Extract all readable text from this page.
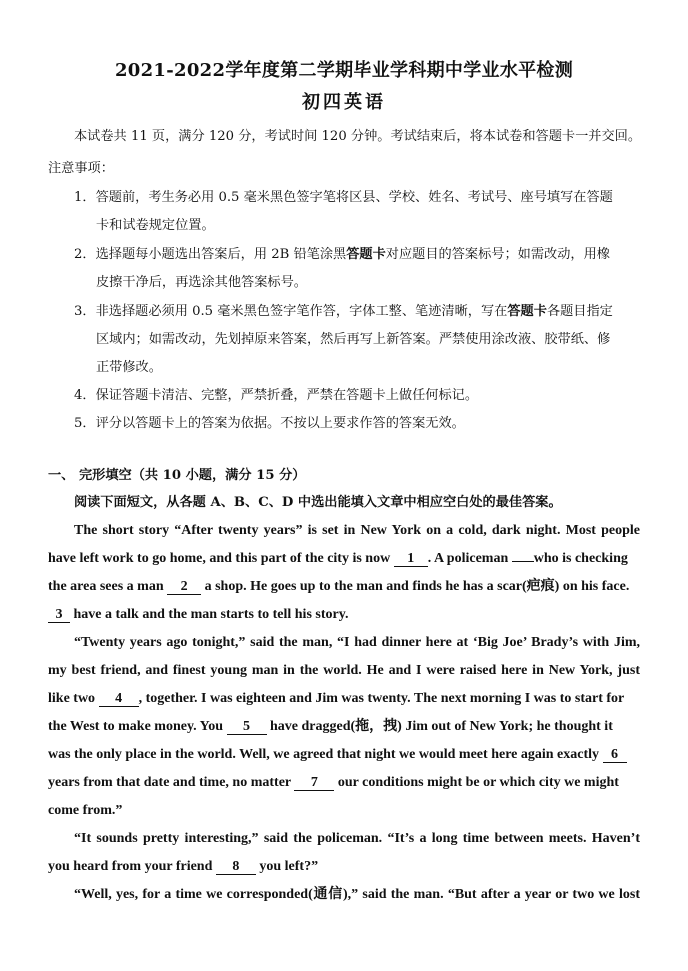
2021-2022学年度第二学期毕业学科期中学业水平检测
初四英语
本试卷共 11 页，满分 120 分，考试时间 120 分钟。考试结束后，将本试卷和答题卡一并交回。
注意事项：
1．答题前，考生务必用 0.5 毫米黑色签字笔将区县、学校、姓名、考试号、座号填写在答题
卡和试卷规定位置。
2．选择题每小题选出答案后，用 2B 铅笔涂黑答题卡对应题目的答案标号；如需改动，用橡
皮擦干净后，再选涂其他答案标号。
3．非选择题必须用 0.5 毫米黑色签字笔作答，字体工整、笔迹清晰，写在答题卡各题目指定
区域内；如需改动，先划掉原来答案，然后再写上新答案。严禁使用涂改液、胶带纸、修
正带修改。
4．保证答题卡清洁、完整，严禁折叠，严禁在答题卡上做任何标记。
5．评分以答题卡上的答案为依据。不按以上要求作答的答案无效。
一、 完形填空（共 10 小题，满分 15 分）
阅读下面短文，从各题 A、B、C、D 中选出能填入文章中相应空白处的最佳答案。
The short story “After twenty years” is set in New York on a cold, dark night. Most people
have left work to go home, and this part of the city is now 1 . A policeman who is checking
the area sees a man 2 a shop. He goes up to the man and finds he has a scar(疤痕) on his face.
3 have a talk and the man starts to tell his story.
“Twenty years ago tonight,” said the man, “I had dinner here at ‘Big Joe’ Brady’s with Jim,
my best friend, and finest young man in the world. He and I were raised here in New York, just
like two 4 , together. I was eighteen and Jim was twenty. The next morning I was to start for
the West to make money. You 5 have dragged(拖，拽) Jim out of New York; he thought it
was the only place in the world. Well, we agreed that night we would meet here again exactly 6
years from that date and time, no matter 7 our conditions might be or which city we might
come from.”
“It sounds pretty interesting,” said the policeman. “It’s a long time between meets. Haven’t
you heard from your friend 8 you left?”
“Well, yes, for a time we corresponded(通信),” said the man. “But after a year or two we lost
